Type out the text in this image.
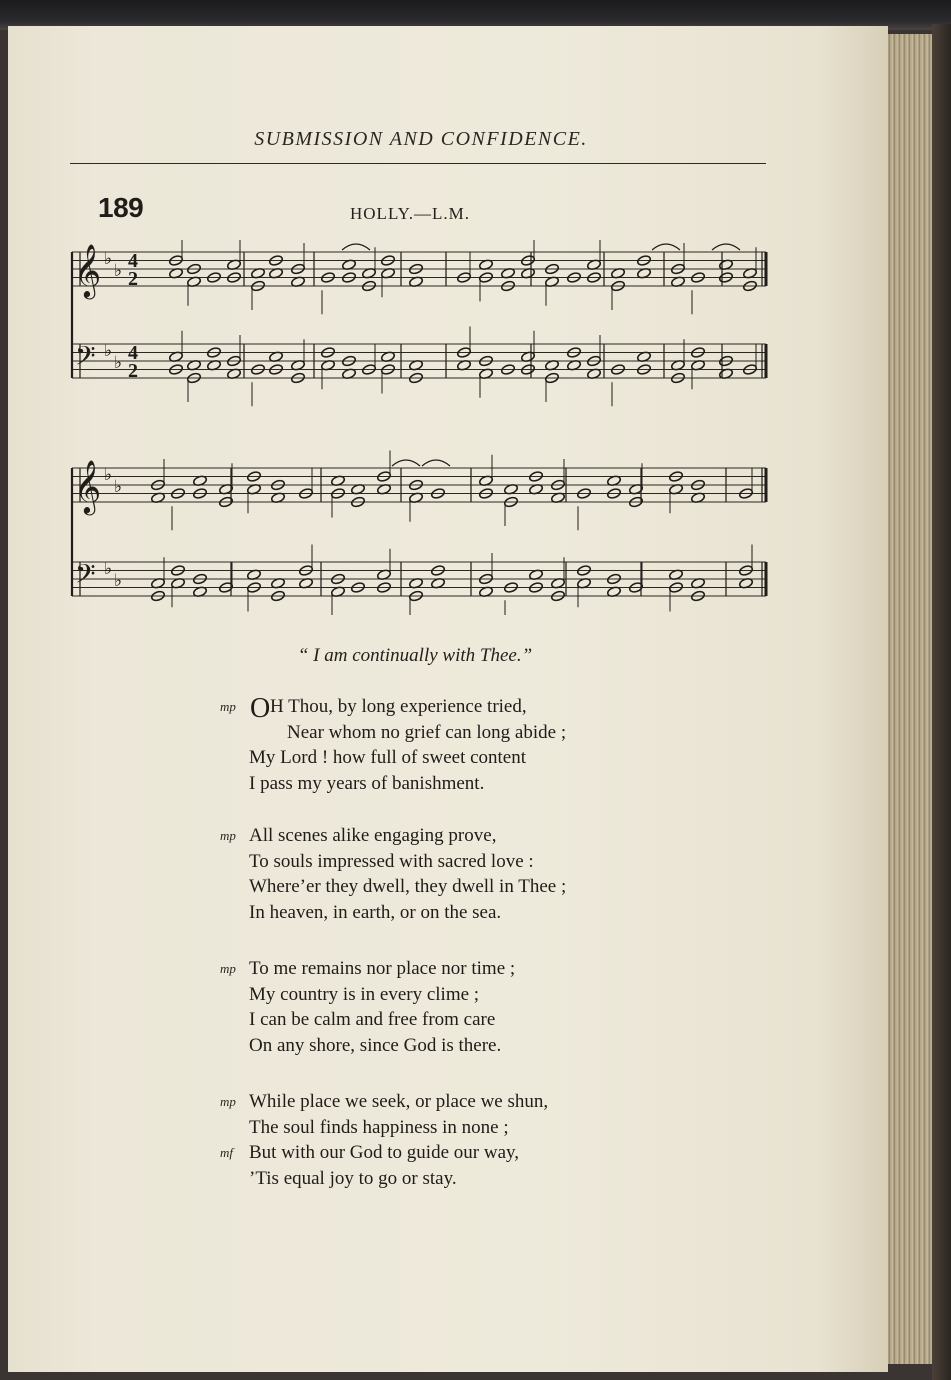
SUBMISSION AND CONFIDENCE.
189	HOLLY.—L.M.
𝄞
𝄞
𝄢
𝄢
♭
♭
♭
♭
♭
♭
♭
♭
4
2
4
2
“ I am continually with Thee.”
mp O H Thou, by long experience tried,
Near whom no grief can long abide ;
My Lord ! how full of sweet content
I pass my years of banishment.
mp All scenes alike engaging prove,
To souls impressed with sacred love :
Where’er they dwell, they dwell in Thee ;
In heaven, in earth, or on the sea.
mp To me remains nor place nor time ;
My country is in every clime ;
I can be calm and free from care
On any shore, since God is there.
mp While place we seek, or place we shun,
The soul finds happiness in none ;
mf But with our God to guide our way,
’Tis equal joy to go or stay.
